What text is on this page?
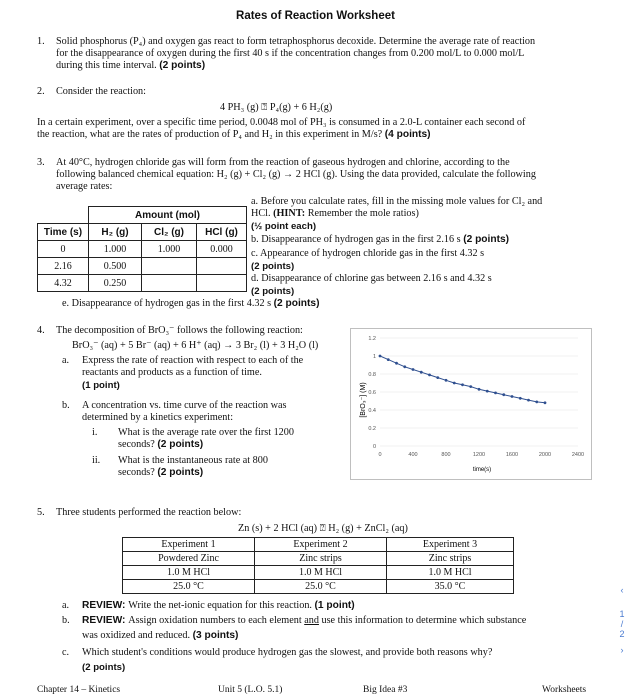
Rates of Reaction Worksheet
1. Solid phosphorus (P₄) and oxygen gas react to form tetraphosphorus decoxide. Determine the average rate of reaction
for the disappearance of oxygen during the first 40 s if the concentration changes from 0.200 mol/L to 0.000 mol/L
during this time interval. (2 points)
2. Consider the reaction:
4 PH₃ (g) ⍰ P₄(g) + 6 H₂(g)
In a certain experiment, over a specific time period, 0.0048 mol of PH₃ is consumed in a 2.0-L container each second of
the reaction, what are the rates of production of P₄ and H₂ in this experiment in M/s? (4 points)
3. At 40°C, hydrogen chloride gas will form from the reaction of gaseous hydrogen and chlorine, according to the
following balanced chemical equation: H₂ (g) + Cl₂ (g) → 2 HCl (g). Using the data provided, calculate the following
average rates:
	Amount (mol)		
Time (s)	H₂ (g)	Cl₂ (g)	HCl (g)
0	1.000	1.000	0.000
2.16	0.500		
4.32	0.250		
a. Before you calculate rates, fill in the missing mole values for Cl₂ and
HCl. (HINT: Remember the mole ratios)
(½ point each)
b. Disappearance of hydrogen gas in the first 2.16 s (2 points)
c. Appearance of hydrogen chloride gas in the first 4.32 s
(2 points)
d. Disappearance of chlorine gas between 2.16 s and 4.32 s
(2 points)
e. Disappearance of hydrogen gas in the first 4.32 s (2 points)
4. The decomposition of BrO₃⁻ follows the following reaction:
BrO₃⁻ (aq) + 5 Br⁻ (aq) + 6 H⁺ (aq) → 3 Br₂ (l) + 3 H₂O (l)
a. Express the rate of reaction with respect to each of the
reactants and products as a function of time.
(1 point)
b. A concentration vs. time curve of the reaction was
determined by a kinetics experiment:
i. What is the average rate over the first 1200
seconds? (2 points)
ii. What is the instantaneous rate at 800
seconds? (2 points)
0
0.2
0.4
0.6
0.8
1
1.2
0	400	800	1200	1600	2000	2400
[BrO₃⁻] (M)
time(s)
5. Three students performed the reaction below:
Zn (s) + 2 HCl (aq) ⍰ H₂ (g) + ZnCl₂ (aq)
Experiment 1	Experiment 2	Experiment 3
Powdered Zinc	Zinc strips	Zinc strips
1.0 M HCl	1.0 M HCl	1.0 M HCl
25.0 °C	25.0 °C	35.0 °C
a. REVIEW: Write the net-ionic equation for this reaction. (1 point)
b. REVIEW: Assign oxidation numbers to each element and use this information to determine which substance
was oxidized and reduced. (3 points)
c. Which student's conditions would produce hydrogen gas the slowest, and provide both reasons why?
(2 points)
Chapter 14 – Kinetics	Unit 5 (L.O. 5.1)	Big Idea #3	Worksheets
‹
1
/
2
›
